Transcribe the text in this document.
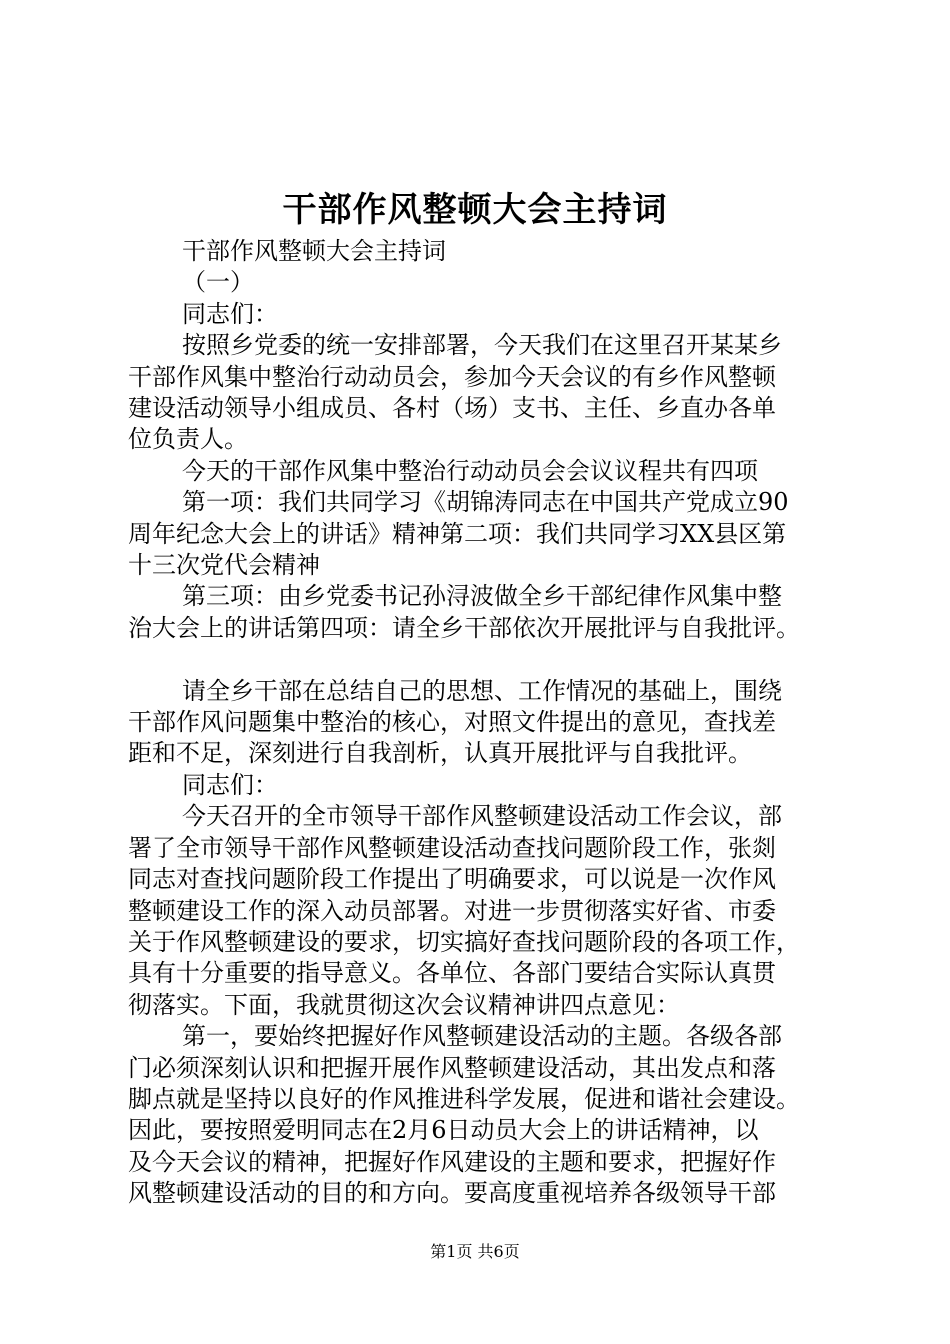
干部作风整顿大会主持词

干部作风整顿大会主持词

（一）

同志们：

按照乡党委的统一安排部署，今天我们在这里召开某某乡

干部作风集中整治行动动员会，参加今天会议的有乡作风整顿

建设活动领导小组成员、各村（场）支书、主任、乡直办各单

位负责人。

今天的干部作风集中整治行动动员会会议议程共有四项

第一项：我们共同学习《胡锦涛同志在中国共产党成立90

周年纪念大会上的讲话》精神第二项：我们共同学习XX县区第

十三次党代会精神

第三项：由乡党委书记孙浔波做全乡干部纪律作风集中整

治大会上的讲话第四项：请全乡干部依次开展批评与自我批评。

请全乡干部在总结自己的思想、工作情况的基础上，围绕

干部作风问题集中整治的核心，对照文件提出的意见，查找差

距和不足，深刻进行自我剖析，认真开展批评与自我批评。

同志们：

今天召开的全市领导干部作风整顿建设活动工作会议，部

署了全市领导干部作风整顿建设活动查找问题阶段工作，张剡

同志对查找问题阶段工作提出了明确要求，可以说是一次作风

整顿建设工作的深入动员部署。对进一步贯彻落实好省、市委

关于作风整顿建设的要求，切实搞好查找问题阶段的各项工作，

具有十分重要的指导意义。各单位、各部门要结合实际认真贯

彻落实。下面，我就贯彻这次会议精神讲四点意见：

第一，要始终把握好作风整顿建设活动的主题。各级各部

门必须深刻认识和把握开展作风整顿建设活动，其出发点和落

脚点就是坚持以良好的作风推进科学发展，促进和谐社会建设。

因此，要按照爱明同志在2月6日动员大会上的讲话精神，以

及今天会议的精神，把握好作风建设的主题和要求，把握好作

风整顿建设活动的目的和方向。要高度重视培养各级领导干部

第1页 共6页
